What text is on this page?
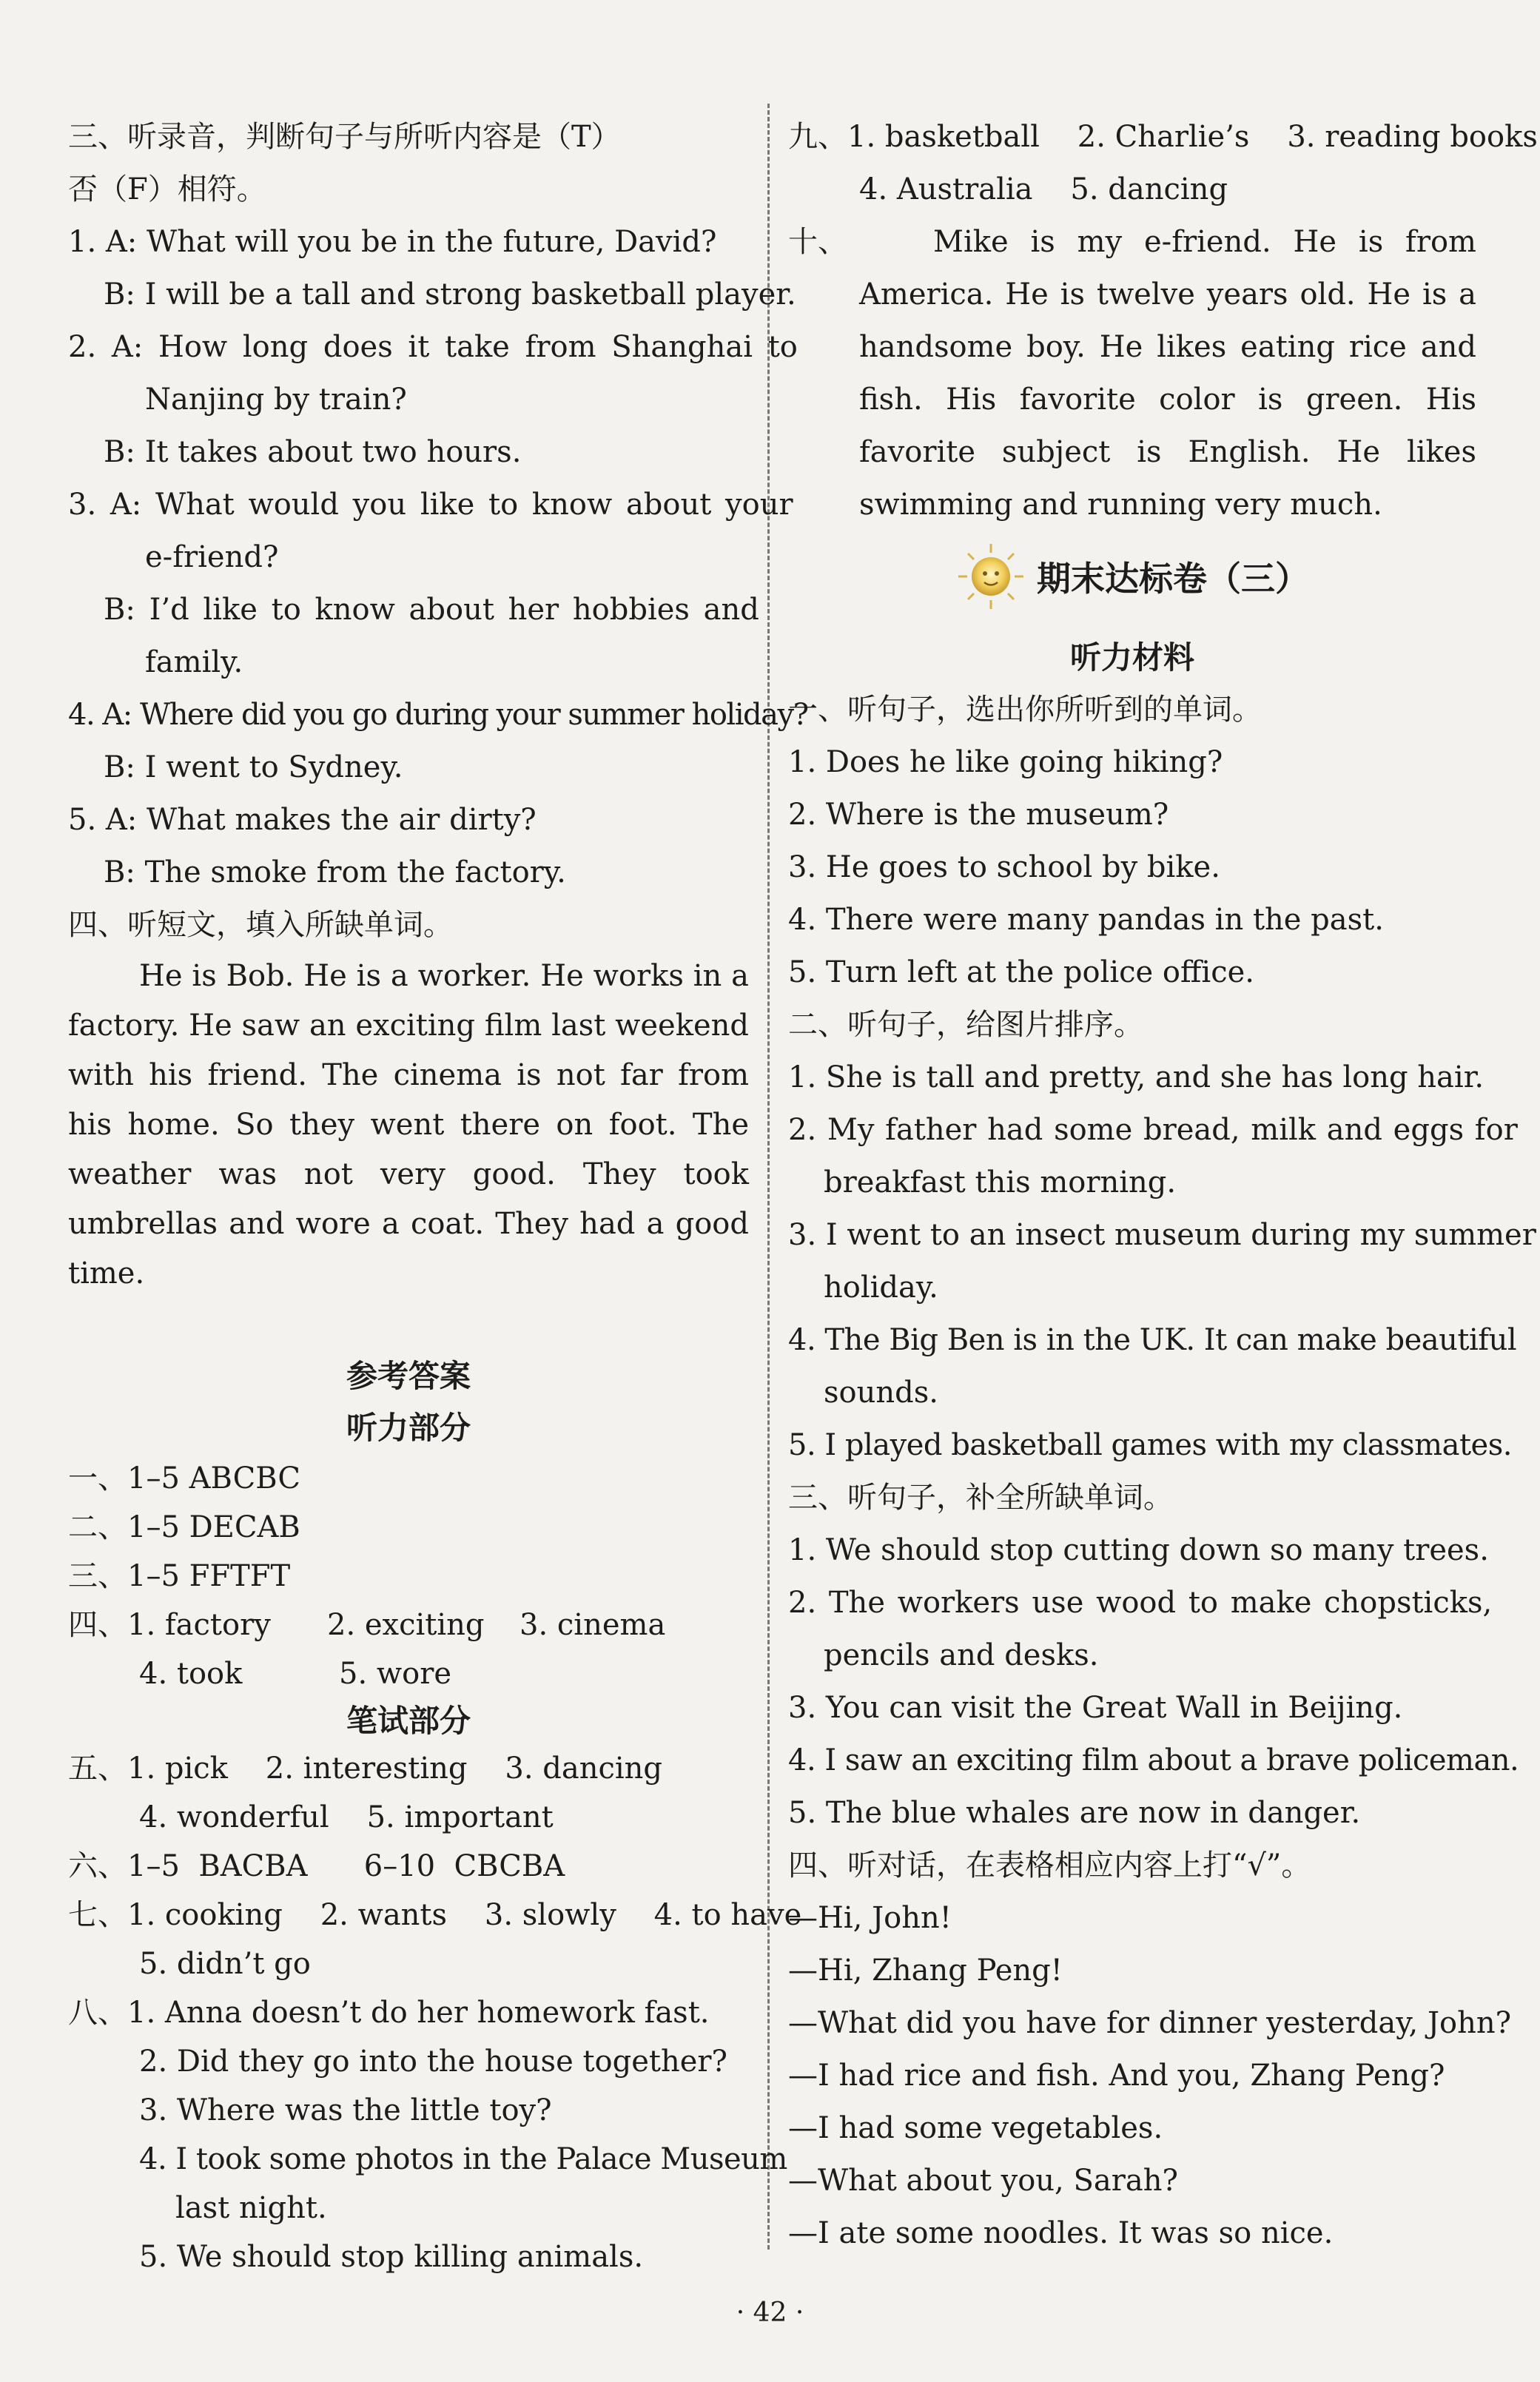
三、听录音，判断句子与所听内容是（T）
否（F）相符。
1. A: What will you be in the future, David?
B: I will be a tall and strong basketball player.
2. A: How long does it take from Shanghai to
Nanjing by train?
B: It takes about two hours.
3. A: What would you like to know about your
e-friend?
B: I’d like to know about her hobbies and
family.
4. A: Where did you go during your summer holiday?
B: I went to Sydney.
5. A: What makes the air dirty?
B: The smoke from the factory.
四、听短文，填入所缺单词。

He is Bob. He is a worker. He works in a factory. He saw an exciting film last weekend with his friend. The cinema is not far from his home. So they went there on foot. The weather was not very good. They took umbrellas and wore a coat. They had a good time.

参考答案
听力部分
一、1–5 ABCBC
二、1–5 DECAB
三、1–5 FFTFT
四、1. factory 2. exciting 3. cinema
4. took	5. wore
笔试部分
五、1. pick    2. interesting    3. dancing
4. wonderful    5. important
六、1–5  BACBA      6–10  CBCBA
七、1. cooking    2. wants    3. slowly    4. to have
5. didn’t go
八、1. Anna doesn’t do her homework fast.
2. Did they go into the house together?
3. Where was the little toy?
4. I took some photos in the Palace Museum
last night.
5. We should stop killing animals.
九、1. basketball    2. Charlie’s    3. reading books
4. Australia    5. dancing
十、	Mike is my e-friend. He is from America. He is twelve years old. He is a handsome boy. He likes eating rice and fish. His favorite color is green. His favorite subject is English. He likes swimming and running very much.

期末达标卷（三）
听力材料
一、听句子，选出你所听到的单词。
1. Does he like going hiking?
2. Where is the museum?
3. He goes to school by bike.
4. There were many pandas in the past.
5. Turn left at the police office.
二、听句子，给图片排序。
1. She is tall and pretty, and she has long hair.
2. My father had some bread, milk and eggs for
breakfast this morning.
3. I went to an insect museum during my summer
holiday.
4. The Big Ben is in the UK. It can make beautiful
sounds.
5. I played basketball games with my classmates.
三、听句子，补全所缺单词。
1. We should stop cutting down so many trees.
2. The workers use wood to make chopsticks,
pencils and desks.
3. You can visit the Great Wall in Beijing.
4. I saw an exciting film about a brave policeman.
5. The blue whales are now in danger.
四、听对话，在表格相应内容上打“√”。
—Hi, John!
—Hi, Zhang Peng!
—What did you have for dinner yesterday, John?
—I had rice and fish. And you, Zhang Peng?
—I had some vegetables.
—What about you, Sarah?
—I ate some noodles. It was so nice.
· 42 ·
